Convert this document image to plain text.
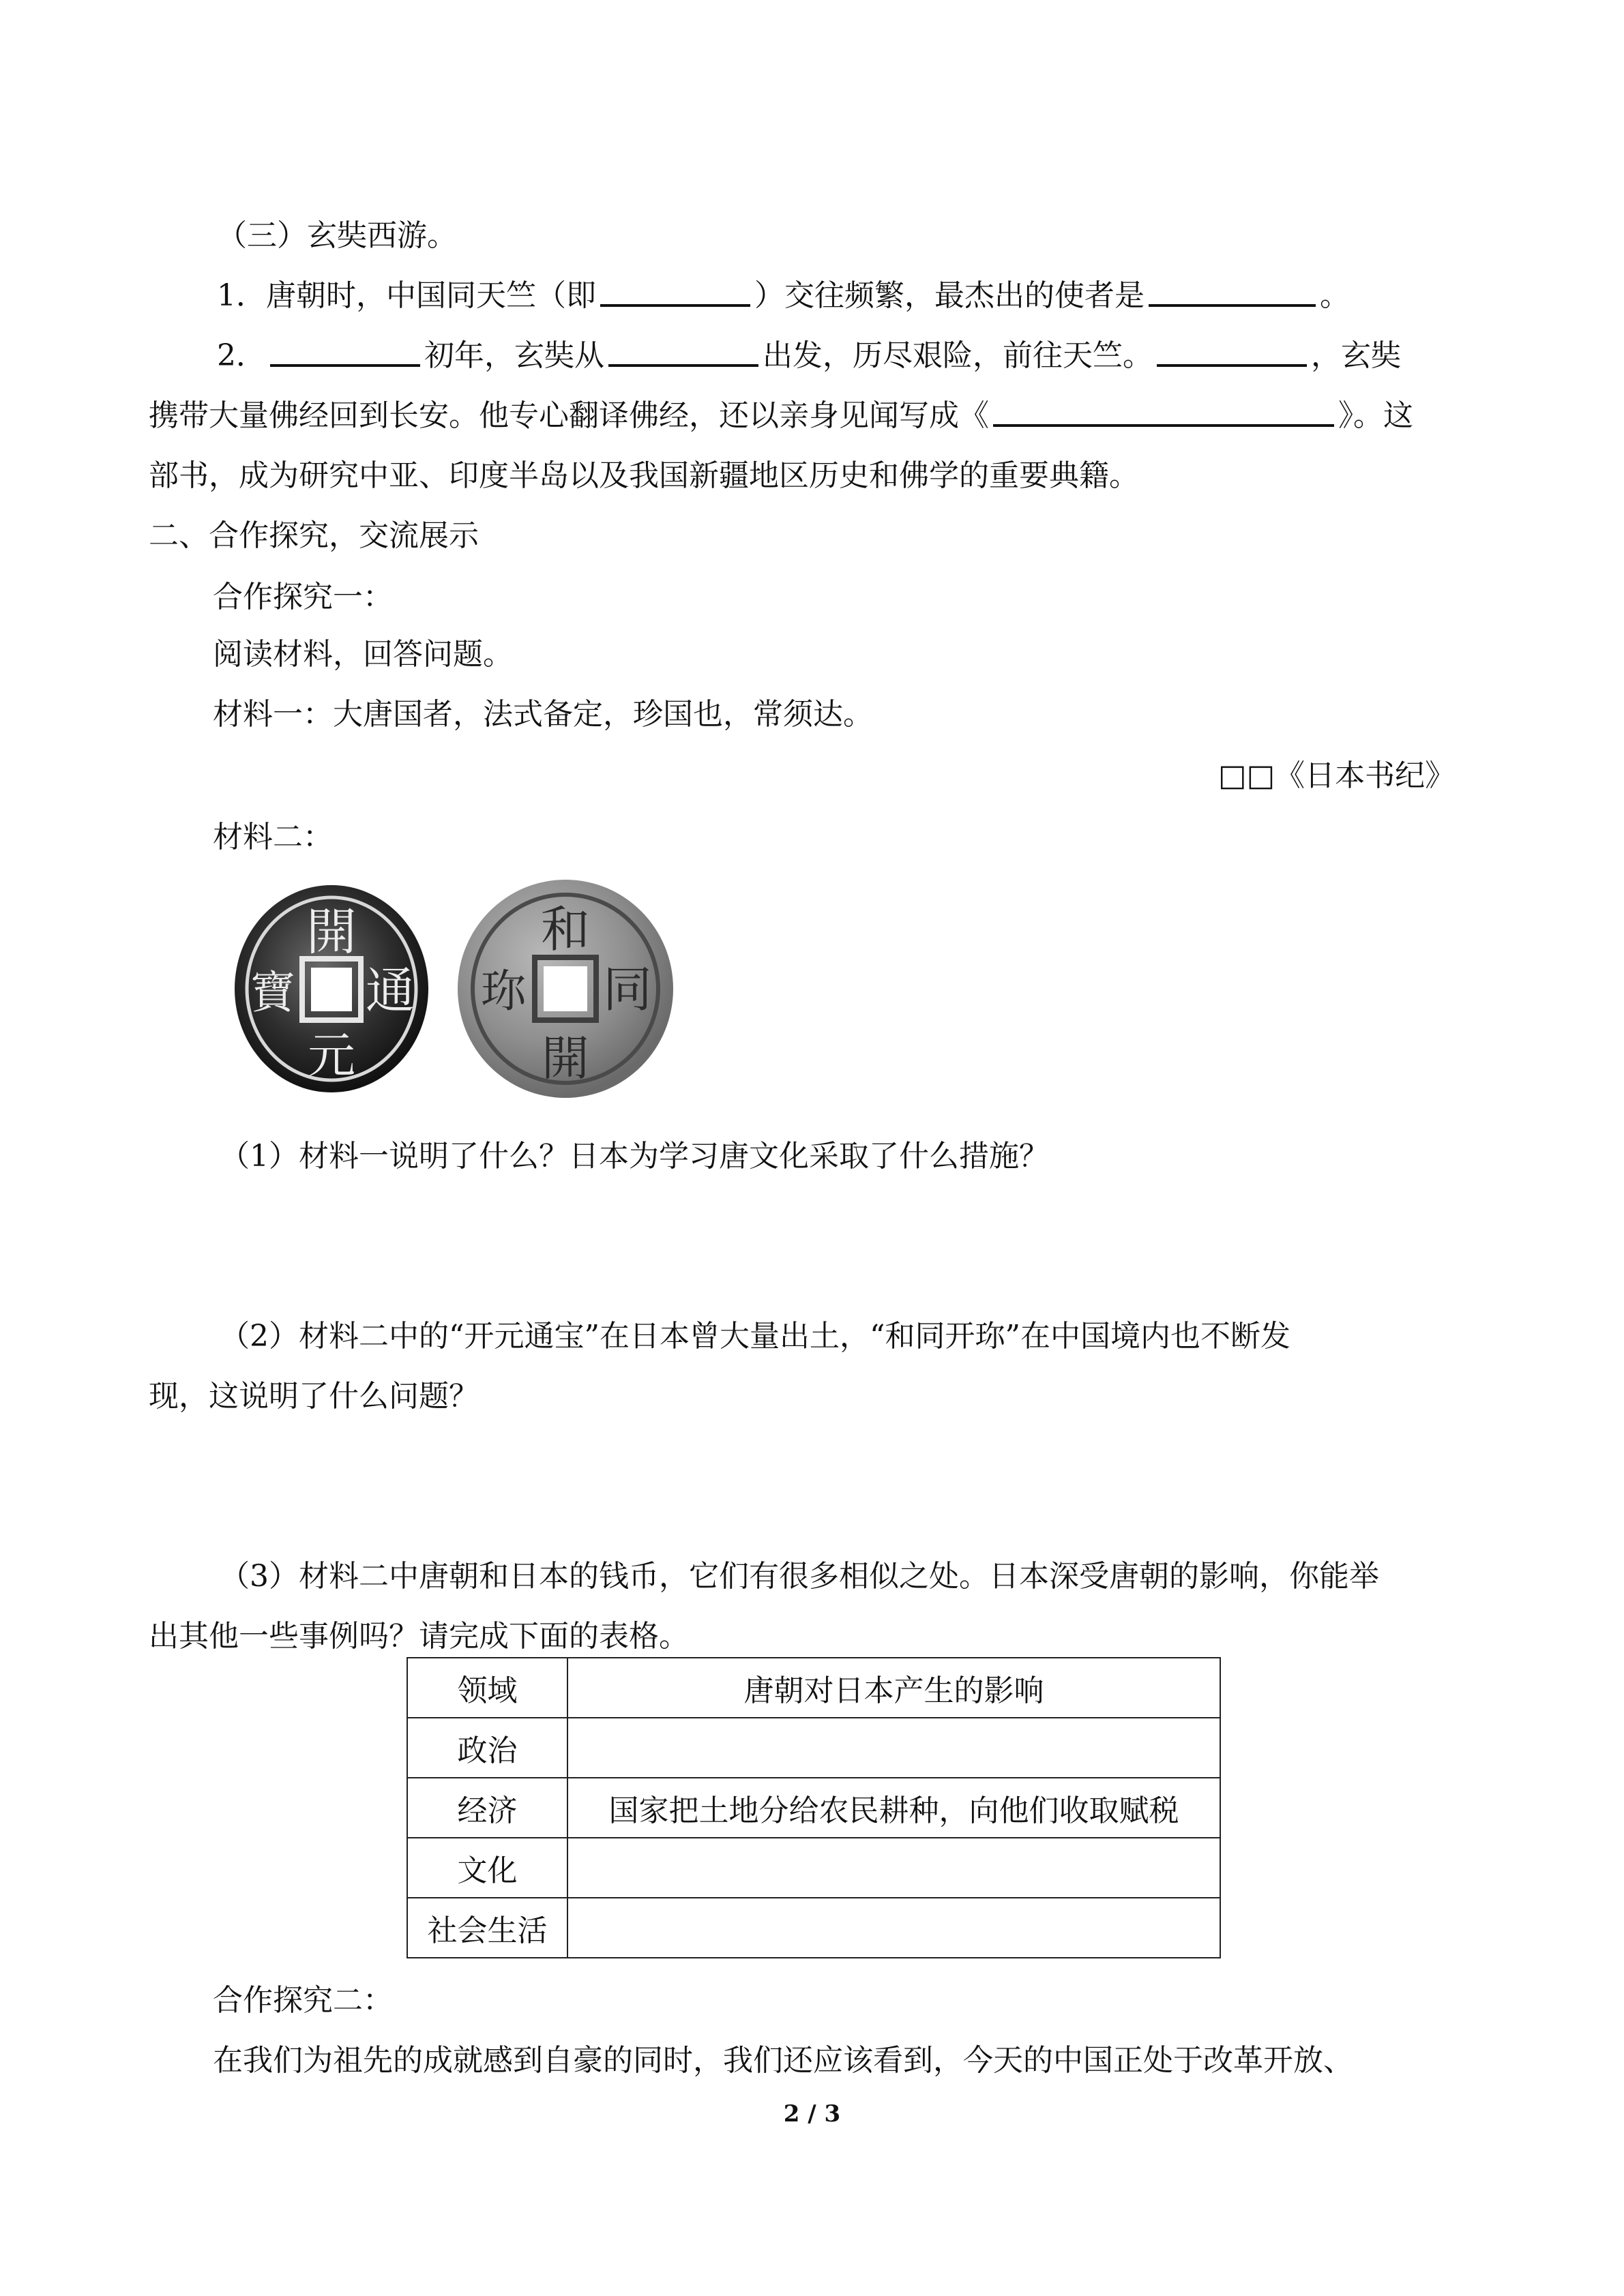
（三）玄奘西游。
1．唐朝时，中国同天竺（即	）交往频繁，最杰出的使者是	。
2．	初年，玄奘从	出发，历尽艰险，前往天竺。	，玄奘
携带大量佛经回到长安。他专心翻译佛经，还以亲身见闻写成《	》。这
部书，成为研究中亚、印度半岛以及我国新疆地区历史和佛学的重要典籍。
二、合作探究，交流展示
合作探究一：
阅读材料，回答问题。
材料一：大唐国者，法式备定，珍国也，常须达。
□□《日本书纪》
材料二：
開
通
元
寶
和
同
開
珎
（1）材料一说明了什么？日本为学习唐文化采取了什么措施？
（2）材料二中的“开元通宝”在日本曾大量出土，“和同开珎”在中国境内也不断发
现，这说明了什么问题？
（3）材料二中唐朝和日本的钱币，它们有很多相似之处。日本深受唐朝的影响，你能举
出其他一些事例吗？请完成下面的表格。
领域	唐朝对日本产生的影响
政治	
经济	国家把土地分给农民耕种，向他们收取赋税
文化	
社会生活	
合作探究二：
在我们为祖先的成就感到自豪的同时，我们还应该看到，今天的中国正处于改革开放、
2 / 3
